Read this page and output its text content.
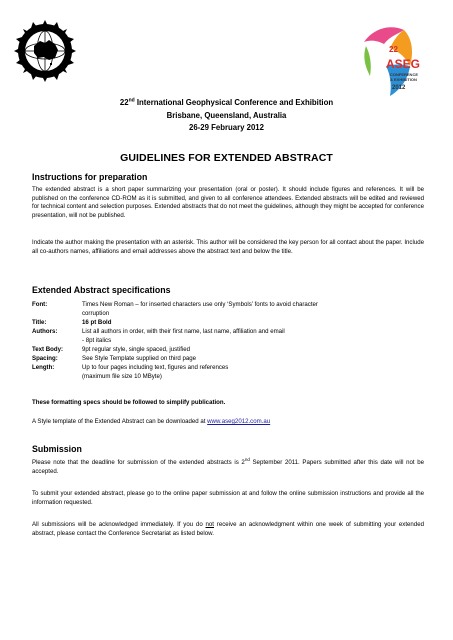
22
ASEG
CONFERENCE
& EXHIBITION
2012
22nd International Geophysical Conference and Exhibition
Brisbane, Queensland, Australia
26-29 February 2012
GUIDELINES FOR EXTENDED ABSTRACT
Instructions for preparation
The extended abstract is a short paper summarizing your presentation (oral or poster). It should include figures and references. It will be published on the conference CD-ROM as it is submitted, and given to all conference attendees. Extended abstracts will be edited and reviewed for technical content and selection purposes. Extended abstracts that do not meet the guidelines, although they might be accepted for conference presentation, will not be published.
Indicate the author making the presentation with an asterisk. This author will be considered the key person for all contact about the paper. Include all co-authors names, affiliations and email addresses above the abstract text and below the title.
Extended Abstract specifications
Font:	Times New Roman – for inserted characters use only ‘Symbols’ fonts to avoid character
corruption
Title:	16 pt Bold
Authors:	List all authors in order, with their first name, last name, affiliation and email
- 8pt italics
Text Body:	9pt regular style, single spaced, justified
Spacing:	See Style Template supplied on third page
Length:	Up to four pages including text, figures and references
(maximum file size 10 MByte)
These formatting specs should be followed to simplify publication.
A Style template of the Extended Abstract can be downloaded at www.aseg2012.com.au
Submission
Please note that the deadline for submission of the extended abstracts is 2nd September 2011. Papers submitted after this date will not be accepted.
To submit your extended abstract, please go to the online paper submission at and follow the online submission instructions and provide all the information requested.
All submissions will be acknowledged immediately. If you do not receive an acknowledgment within one week of submitting your extended abstract, please contact the Conference Secretariat as listed below.
